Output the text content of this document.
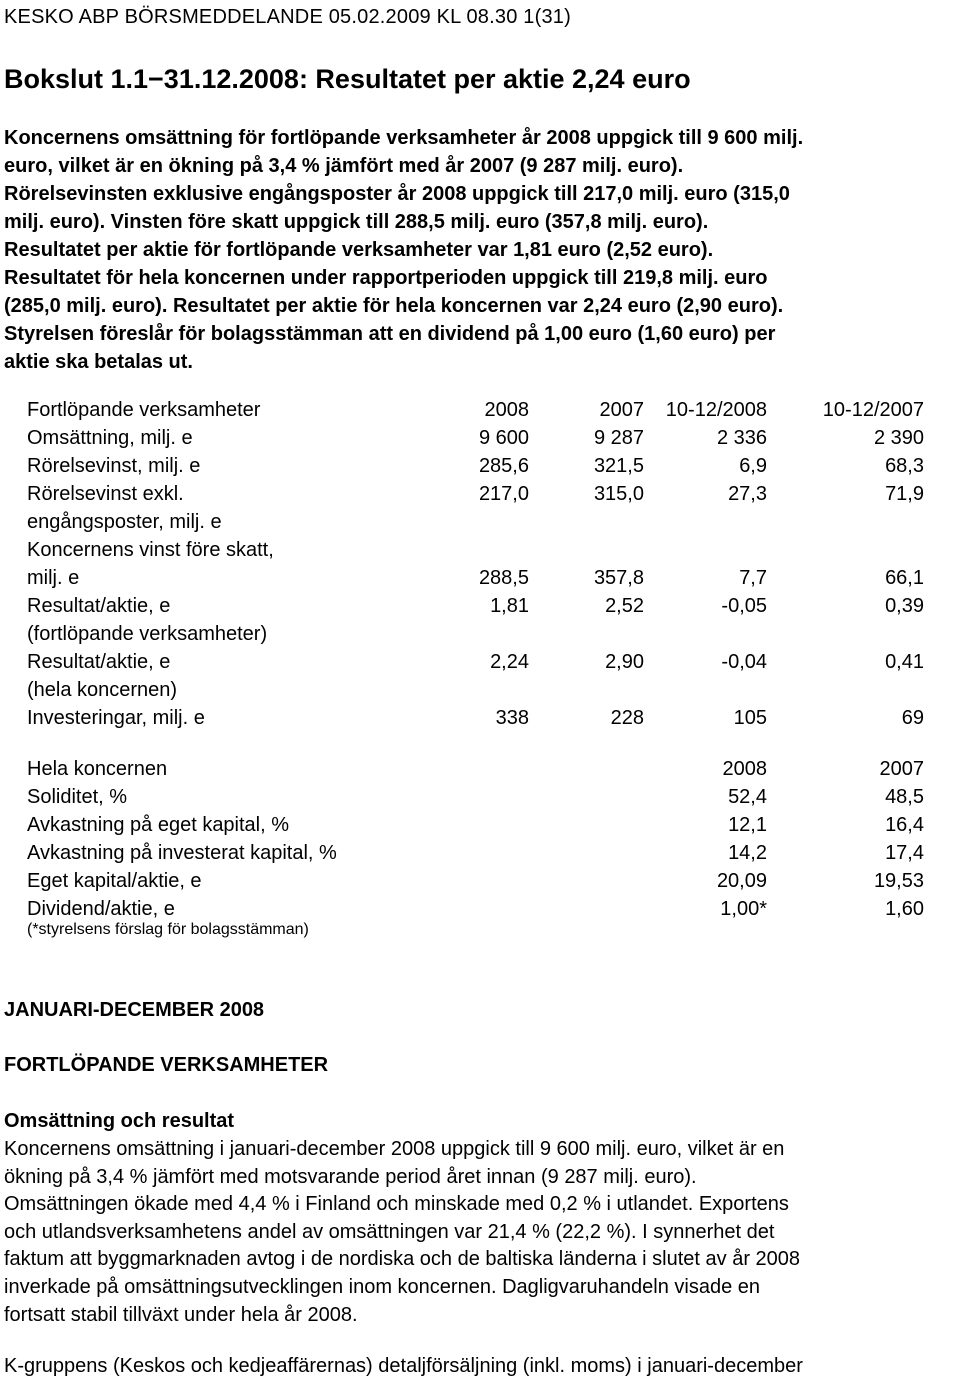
KESKO ABP BÖRSMEDDELANDE 05.02.2009 KL 08.30 1(31)
Bokslut 1.1−31.12.2008: Resultatet per aktie 2,24 euro
Koncernens omsättning för fortlöpande verksamheter år 2008 uppgick till 9 600 milj.
euro, vilket är en ökning på 3,4 % jämfört med år 2007 (9 287 milj. euro).
Rörelsevinsten exklusive engångsposter år 2008 uppgick till 217,0 milj. euro (315,0
milj. euro). Vinsten före skatt uppgick till 288,5 milj. euro (357,8 milj. euro).
Resultatet per aktie för fortlöpande verksamheter var 1,81 euro (2,52 euro).
Resultatet för hela koncernen under rapportperioden uppgick till 219,8 milj. euro
(285,0 milj. euro). Resultatet per aktie för hela koncernen var 2,24 euro (2,90 euro).
Styrelsen föreslår för bolagsstämman att en dividend på 1,00 euro (1,60 euro) per
aktie ska betalas ut.
Fortlöpande verksamheter	2008	2007	10-12/2008	10-12/2007
Omsättning, milj. e	9 600	9 287	2 336	2 390
Rörelsevinst, milj. e	285,6	321,5	6,9	68,3
Rörelsevinst exkl.
engångsposter, milj. e
217,0	315,0	27,3	71,9
Koncernens vinst före skatt,
milj. e	288,5	357,8	7,7	66,1
Resultat/aktie, e
(fortlöpande verksamheter)
1,81	2,52	-0,05	0,39
Resultat/aktie, e
(hela koncernen)
2,24	2,90	-0,04	0,41
Investeringar, milj. e	338	228	105	69
Hela koncernen	2008	2007
Soliditet, %	52,4	48,5
Avkastning på eget kapital, %	12,1	16,4
Avkastning på investerat kapital, %	14,2	17,4
Eget kapital/aktie, e	20,09	19,53
Dividend/aktie, e	1,00*	1,60
(*styrelsens förslag för bolagsstämman)
JANUARI-DECEMBER 2008
FORTLÖPANDE VERKSAMHETER
Omsättning och resultat
Koncernens omsättning i januari-december 2008 uppgick till 9 600 milj. euro, vilket är en
ökning på 3,4 % jämfört med motsvarande period året innan (9 287 milj. euro).
Omsättningen ökade med 4,4 % i Finland och minskade med 0,2 % i utlandet. Exportens
och utlandsverksamhetens andel av omsättningen var 21,4 % (22,2 %). I synnerhet det
faktum att byggmarknaden avtog i de nordiska och de baltiska länderna i slutet av år 2008
inverkade på omsättningsutvecklingen inom koncernen. Dagligvaruhandeln visade en
fortsatt stabil tillväxt under hela år 2008.
K-gruppens (Keskos och kedjeaffärernas) detaljförsäljning (inkl. moms) i januari-december
